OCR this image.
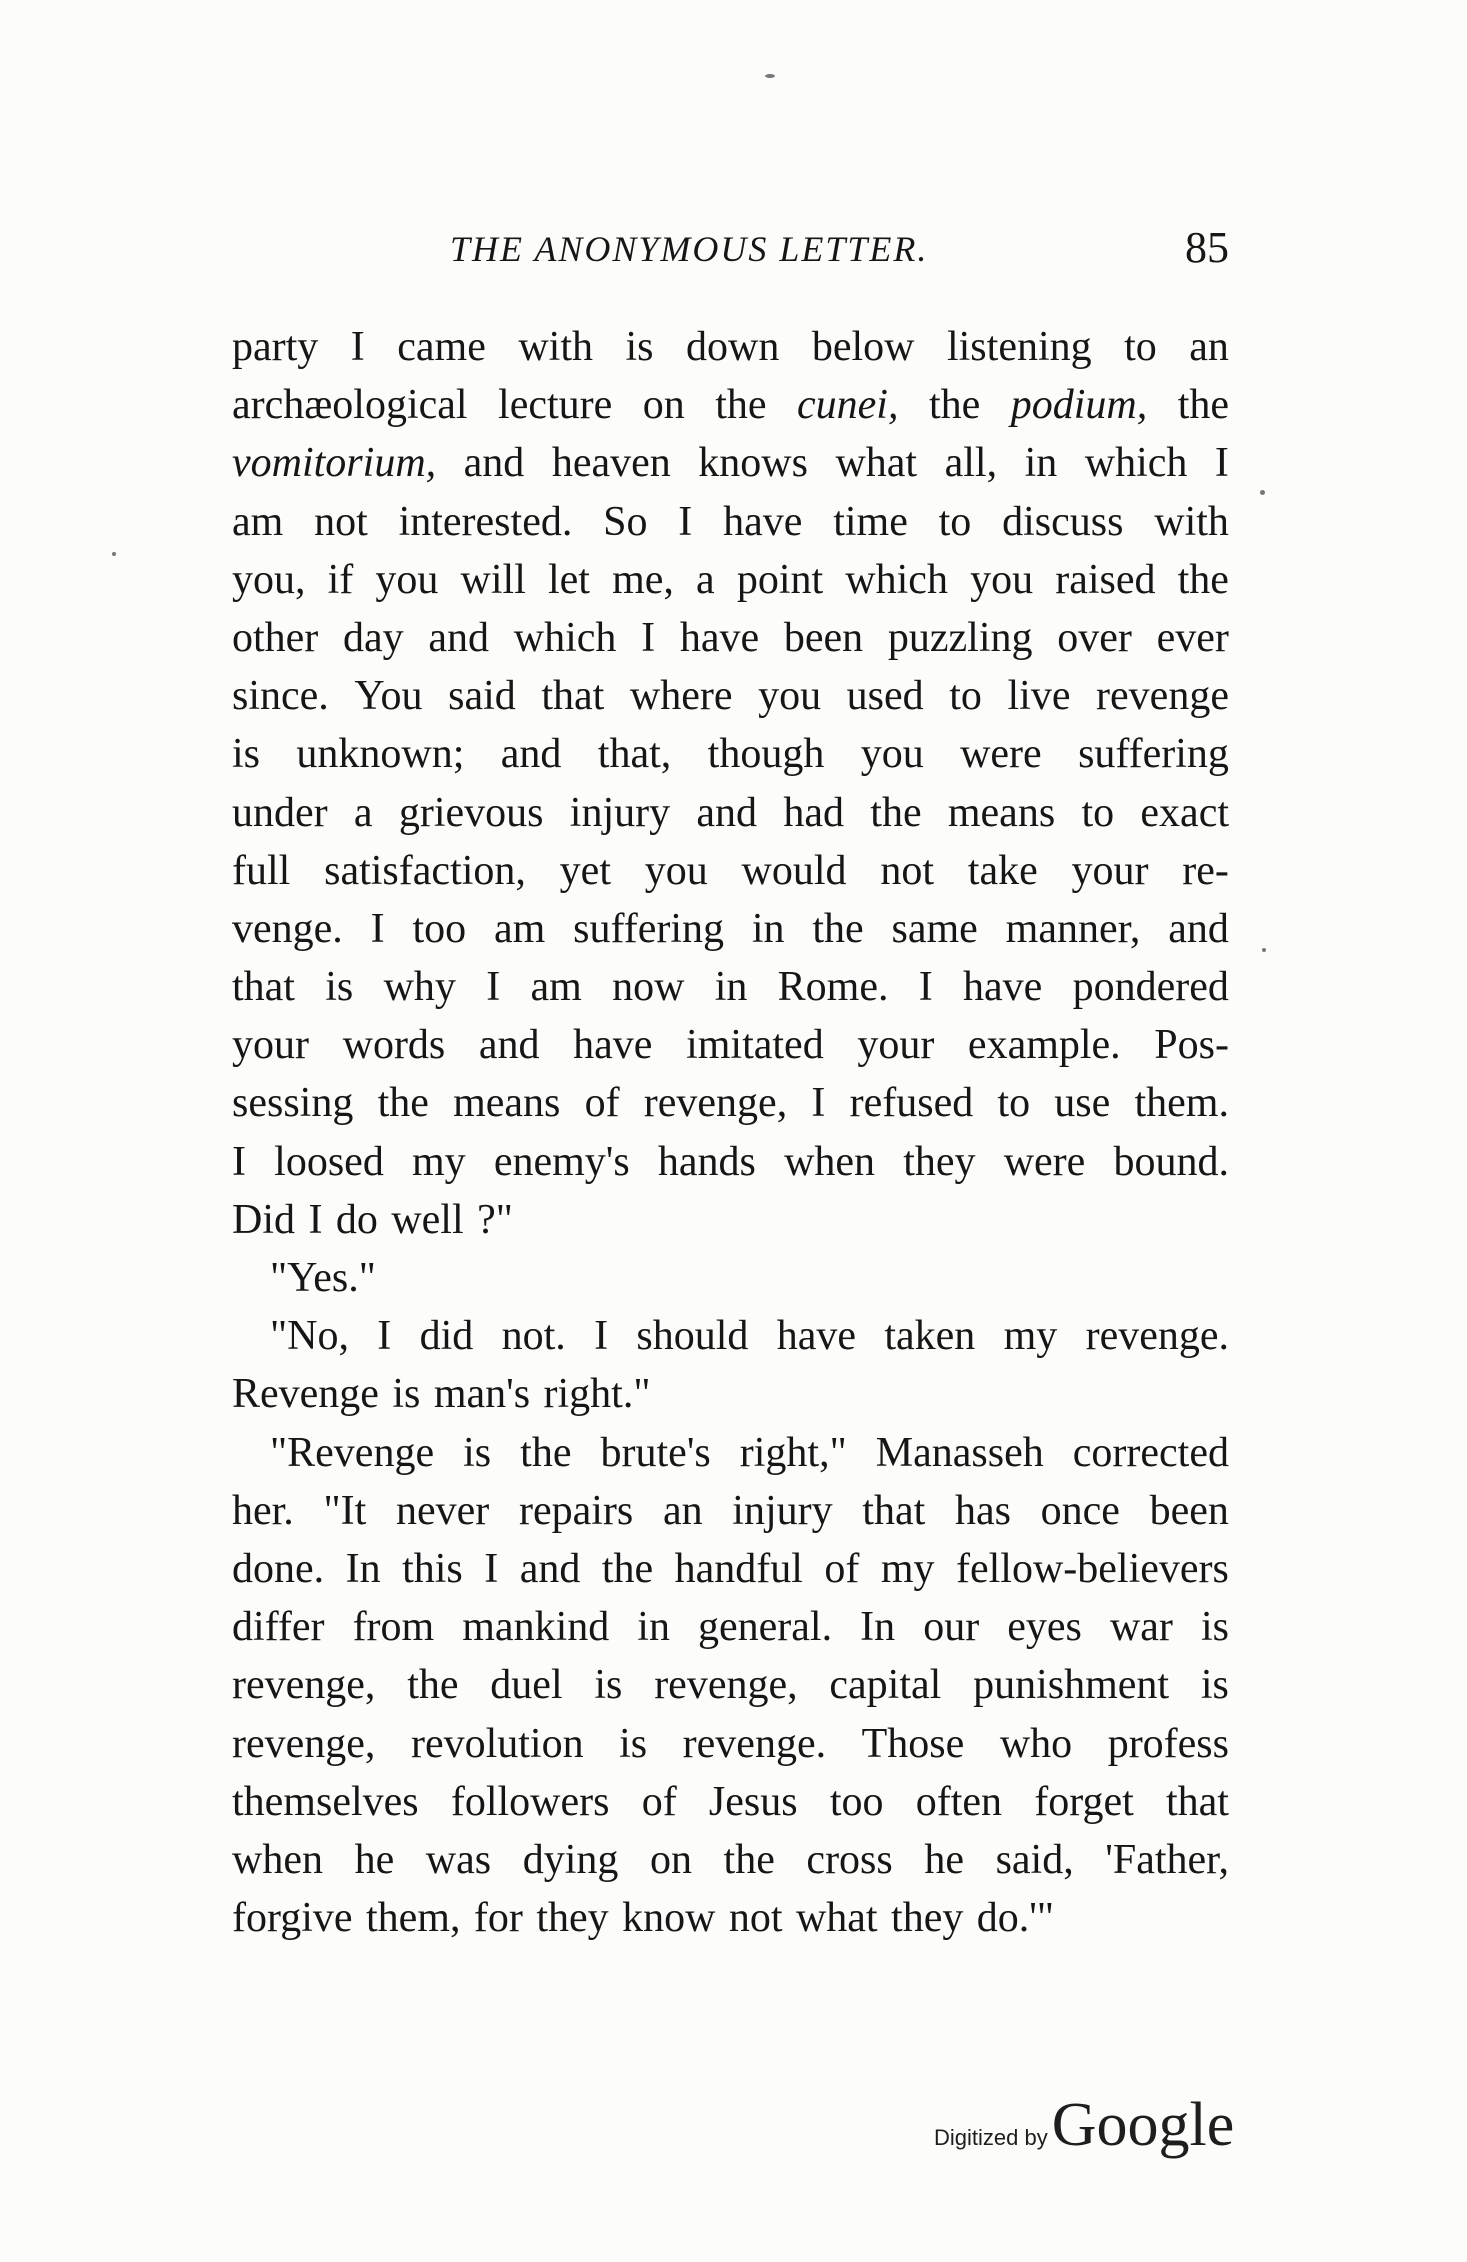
THE ANONYMOUS LETTER.	85
party I came with is down below listening to an
archæological lecture on the cunei, the podium, the
vomitorium, and heaven knows what all, in which I
am not interested. So I have time to discuss with
you, if you will let me, a point which you raised the
other day and which I have been puzzling over ever
since. You said that where you used to live revenge
is unknown; and that, though you were suffering
under a grievous injury and had the means to exact
full satisfaction, yet you would not take your re-
venge. I too am suffering in the same manner, and
that is why I am now in Rome. I have pondered
your words and have imitated your example. Pos-
sessing the means of revenge, I refused to use them.
I loosed my enemy's hands when they were bound.
Did I do well ?"
"Yes."
"No, I did not. I should have taken my revenge.
Revenge is man's right."
"Revenge is the brute's right," Manasseh corrected
her. "It never repairs an injury that has once been
done. In this I and the handful of my fellow-believers
differ from mankind in general. In our eyes war is
revenge, the duel is revenge, capital punishment is
revenge, revolution is revenge. Those who profess
themselves followers of Jesus too often forget that
when he was dying on the cross he said, 'Father,
forgive them, for they know not what they do.'"
Digitized by Google
